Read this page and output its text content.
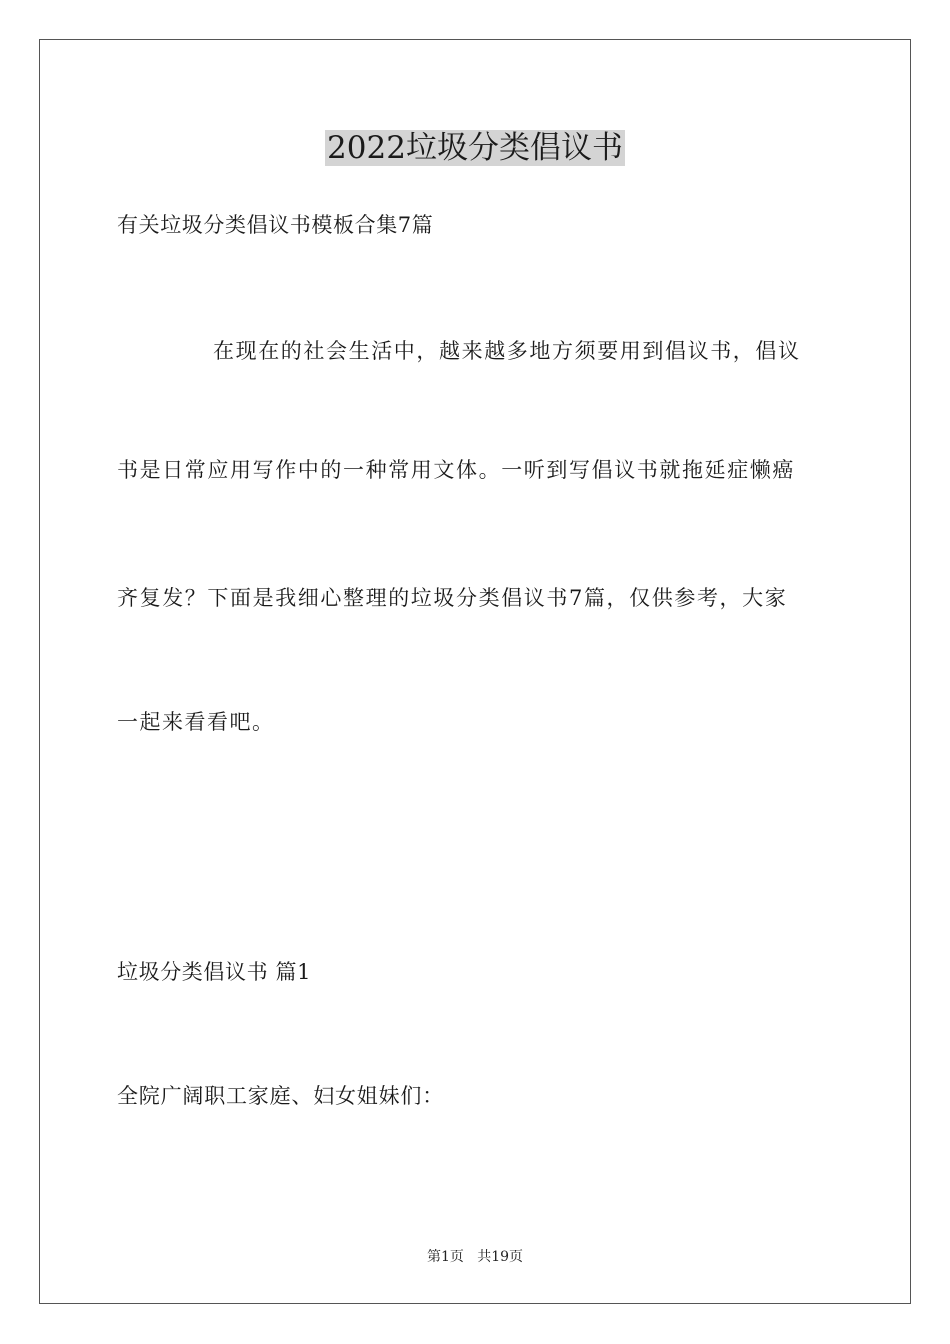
2022垃圾分类倡议书
有关垃圾分类倡议书模板合集7篇
在现在的社会生活中，越来越多地方须要用到倡议书，倡议
书是日常应用写作中的一种常用文体。一听到写倡议书就拖延症懒癌
齐复发？下面是我细心整理的垃圾分类倡议书7篇，仅供参考，大家
一起来看看吧。
垃圾分类倡议书 篇1
全院广阔职工家庭、妇女姐妹们：
第1页   共19页
